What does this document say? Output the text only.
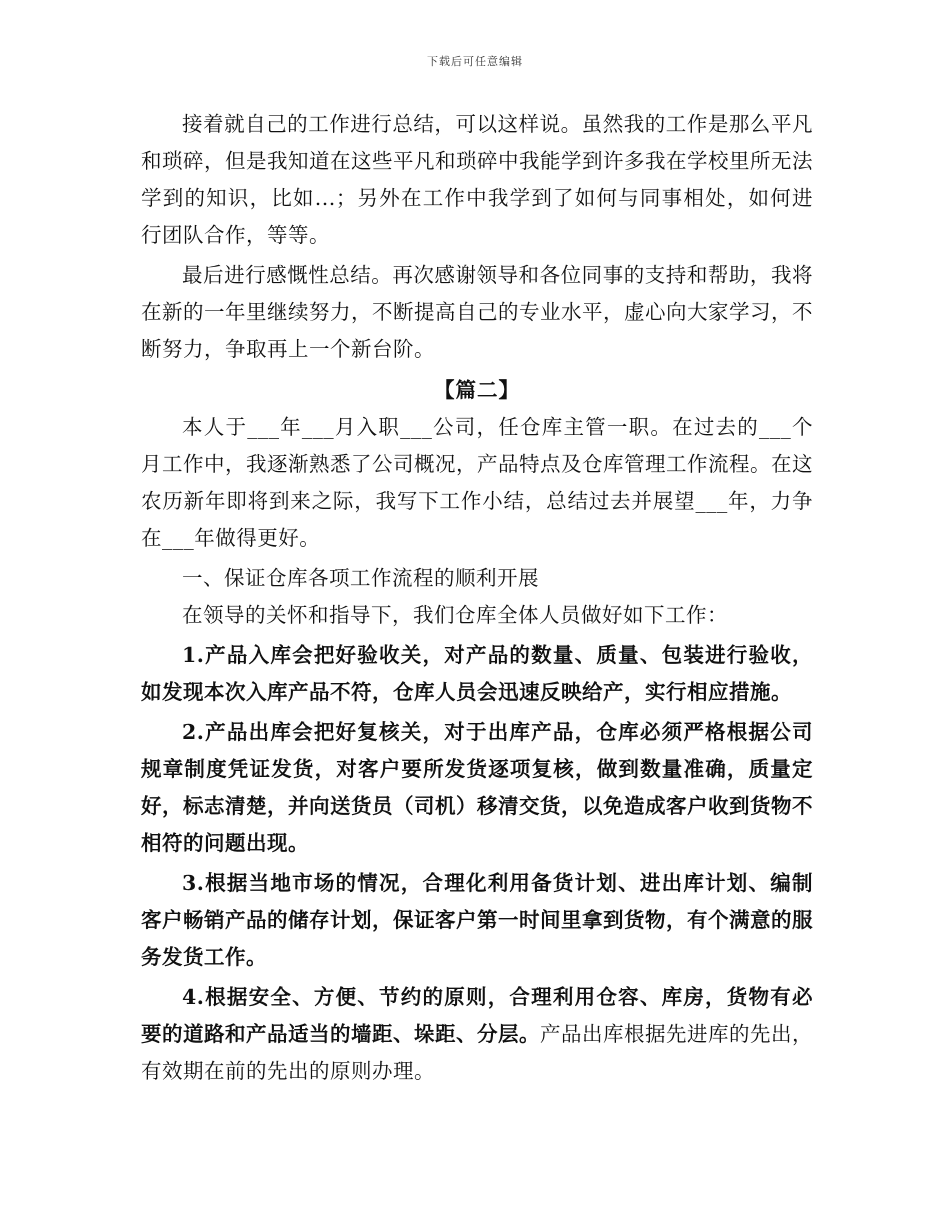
下载后可任意编辑

接着就自己的工作进行总结，可以这样说。虽然我的工作是那么平凡和琐碎，但是我知道在这些平凡和琐碎中我能学到许多我在学校里所无法学到的知识，比如...；另外在工作中我学到了如何与同事相处，如何进行团队合作，等等。

最后进行感慨性总结。再次感谢领导和各位同事的支持和帮助，我将在新的一年里继续努力，不断提高自己的专业水平，虚心向大家学习，不断努力，争取再上一个新台阶。

【篇二】

本人于___年___月入职___公司，任仓库主管一职。在过去的___个月工作中，我逐渐熟悉了公司概况，产品特点及仓库管理工作流程。在这农历新年即将到来之际，我写下工作小结，总结过去并展望___年，力争在___年做得更好。

一、保证仓库各项工作流程的顺利开展

在领导的关怀和指导下，我们仓库全体人员做好如下工作：

1.产品入库会把好验收关，对产品的数量、质量、包装进行验收，如发现本次入库产品不符，仓库人员会迅速反映给产，实行相应措施。

2.产品出库会把好复核关，对于出库产品，仓库必须严格根据公司规章制度凭证发货，对客户要所发货逐项复核，做到数量准确，质量定好，标志清楚，并向送货员（司机）移清交货，以免造成客户收到货物不相符的问题出现。

3.根据当地市场的情况，合理化利用备货计划、进出库计划、编制客户畅销产品的储存计划，保证客户第一时间里拿到货物，有个满意的服务发货工作。

4.根据安全、方便、节约的原则，合理利用仓容、库房，货物有必要的道路和产品适当的墙距、垛距、分层。产品出库根据先进库的先出，有效期在前的先出的原则办理。
